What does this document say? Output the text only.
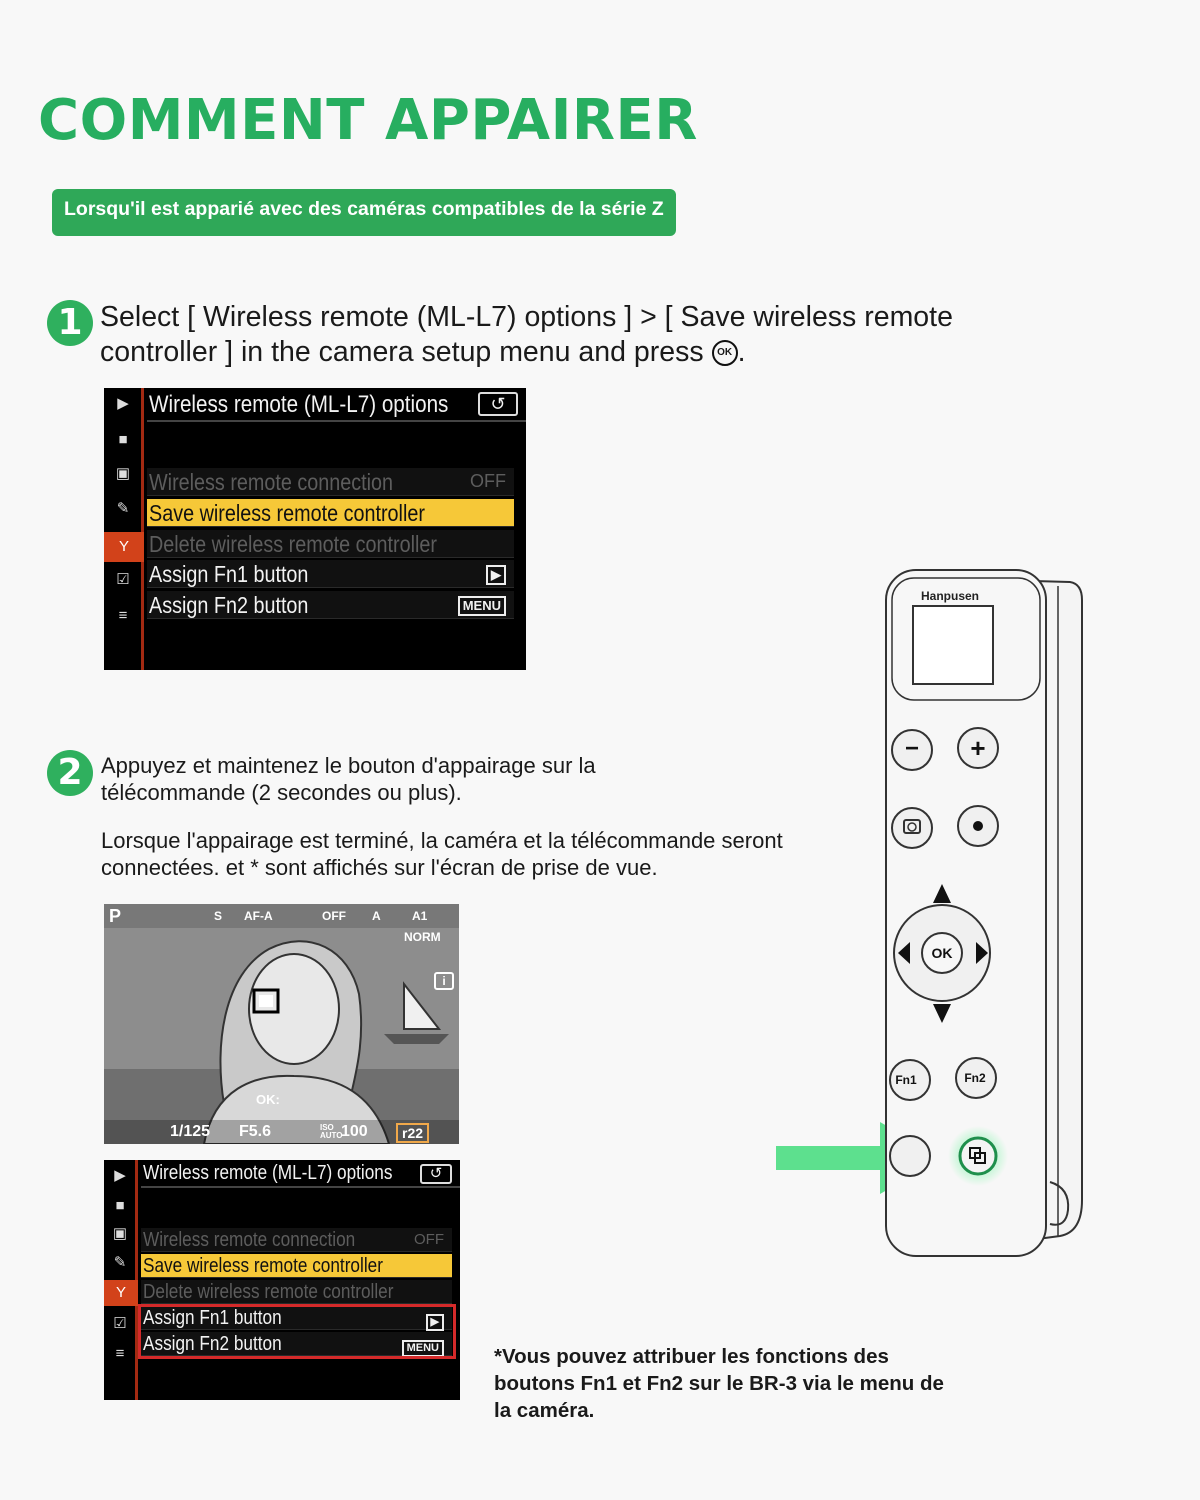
COMMENT APPAIRER
Lorsqu'il est apparié avec des caméras compatibles de la série Z
1 Select [ Wireless remote (ML-L7) options ] > [ Save wireless remote controller ] in the camera setup menu and press OK .
▶
■
▣
✎
Y
☑
≡
Wireless remote (ML-L7) options	↺
Wireless remote connection	OFF
Save wireless remote controller
Delete wireless remote controller
Assign Fn1 button	▶
Assign Fn2 button	MENU
2 Appuyez et maintenez le bouton d'appairage sur la télécommande (2 secondes ou plus).
Lorsque l'appairage est terminé, la caméra et la télécommande seront connectées. et * sont affichés sur l'écran de prise de vue.
P	S AF-A	OFF A	A1
NORM
i
OK:
1/125 F5.6	ISO AUTO
100	r22
▶
■
▣
✎
Y
☑
≡
Wireless remote (ML-L7) options	↺
Wireless remote connection	OFF
Save wireless remote controller
Delete wireless remote controller
Assign Fn1 button	▶
Assign Fn2 button	MENU	*Vous pouvez attribuer les fonctions des boutons Fn1 et Fn2 sur le BR-3 via le menu de la caméra.
Hanpusen
− +
OK
Fn1	Fn2
